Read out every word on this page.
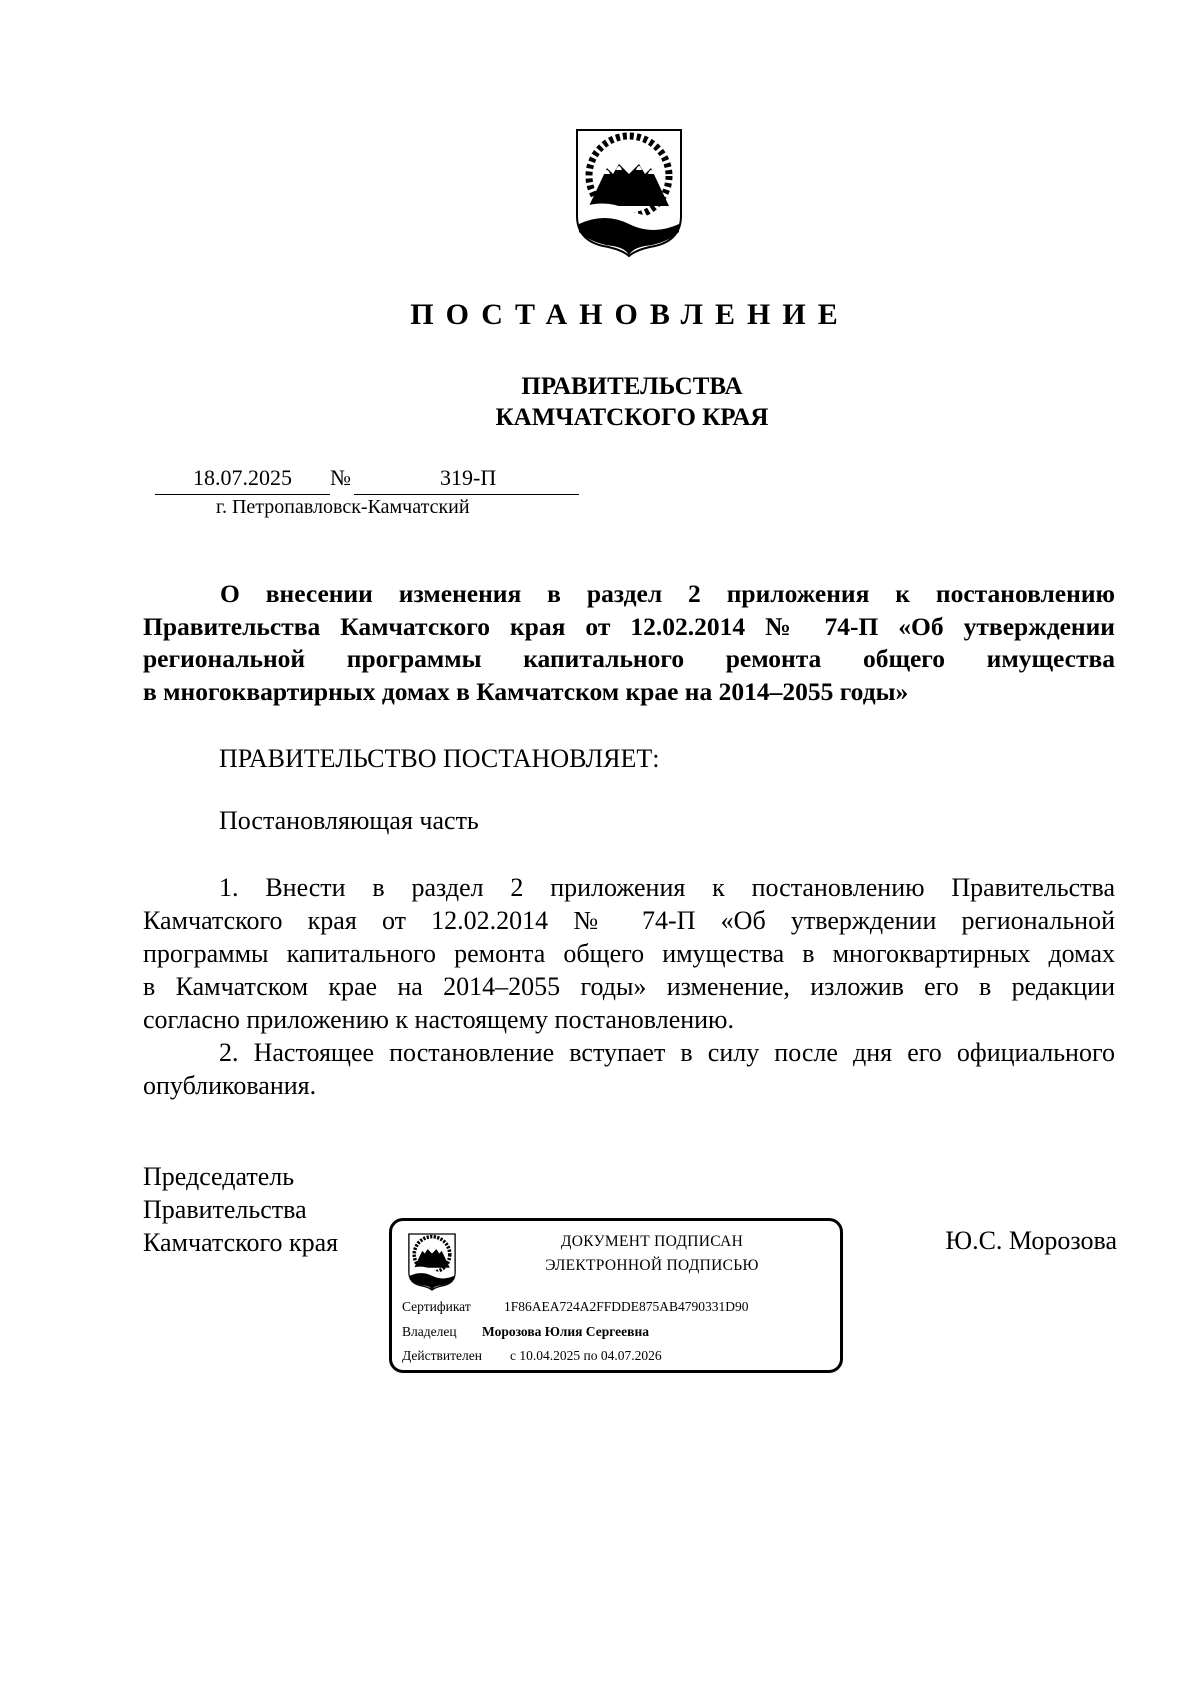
ПОСТАНОВЛЕНИЕ
ПРАВИТЕЛЬСТВА
КАМЧАТСКОГО КРАЯ
18.07.2025 №	319-П
г. Петропавловск-Камчатский
О внесении изменения в раздел 2 приложения к постановлению
Правительства Камчатского края от 12.02.2014 № 74-П «Об утверждении
региональной программы капитального ремонта общего имущества
в многоквартирных домах в Камчатском крае на 2014–2055 годы»
ПРАВИТЕЛЬСТВО ПОСТАНОВЛЯЕТ:
Постановляющая часть
1. Внести в раздел 2 приложения к постановлению Правительства
Камчатского края от 12.02.2014 № 74-П «Об утверждении региональной
программы капитального ремонта общего имущества в многоквартирных домах
в Камчатском крае на 2014–2055 годы» изменение, изложив его в редакции
согласно приложению к настоящему постановлению.
2. Настоящее постановление вступает в силу после дня его официального
опубликования.
Председатель
Правительства
Камчатского края	Ю.С. Морозова
ДОКУМЕНТ ПОДПИСАН
ЭЛЕКТРОННОЙ ПОДПИСЬЮ
Сертификат 1F86AEA724A2FFDDE875AB4790331D90
Владелец Морозова Юлия Сергеевна
Действителен с 10.04.2025 по 04.07.2026
